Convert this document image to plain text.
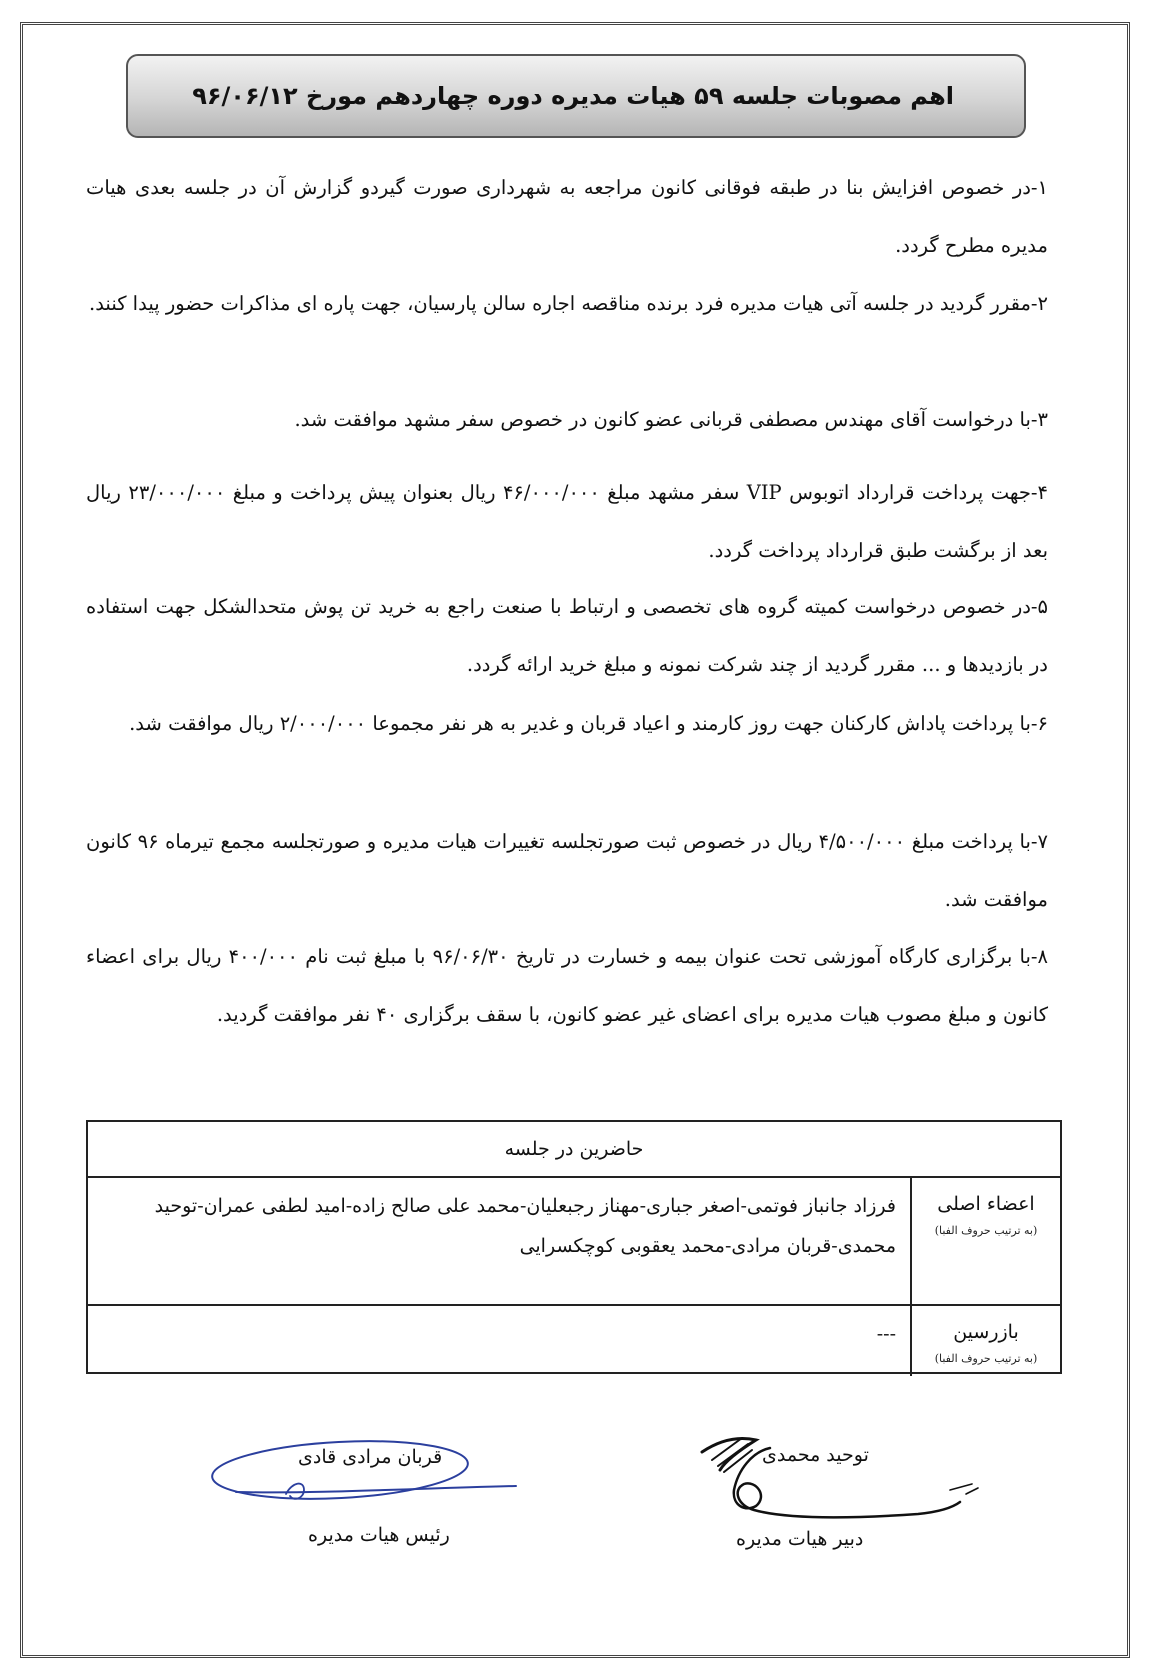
اهم مصوبات جلسه ۵۹ هیات مدیره دوره چهاردهم مورخ ۹۶/۰۶/۱۲
۱-در خصوص افزایش بنا در طبقه فوقانی کانون مراجعه به شهرداری صورت گیردو گزارش آن در جلسه بعدی هیات مدیره مطرح گردد.
۲-مقرر گردید در جلسه آتی هیات مدیره فرد برنده مناقصه اجاره سالن پارسیان، جهت پاره ای مذاکرات حضور پیدا کنند.
۳-با درخواست آقای مهندس مصطفی قربانی عضو کانون در خصوص سفر مشهد موافقت شد.
۴-جهت پرداخت قرارداد اتوبوس VIP سفر مشهد مبلغ ۴۶/۰۰۰/۰۰۰ ریال بعنوان پیش پرداخت و مبلغ ۲۳/۰۰۰/۰۰۰ ریال بعد از برگشت طبق قرارداد پرداخت گردد.
۵-در خصوص درخواست کمیته گروه های تخصصی و ارتباط با صنعت راجع به خرید تن پوش متحدالشکل جهت استفاده در بازدیدها و ... مقرر گردید از چند شرکت نمونه و مبلغ خرید ارائه گردد.
۶-با پرداخت پاداش کارکنان جهت روز کارمند و اعیاد قربان و غدیر به هر نفر مجموعا ۲/۰۰۰/۰۰۰ ریال موافقت شد.
۷-با پرداخت مبلغ ۴/۵۰۰/۰۰۰ ریال در خصوص ثبت صورتجلسه تغییرات هیات مدیره و صورتجلسه مجمع تیرماه ۹۶ کانون موافقت شد.
۸-با برگزاری کارگاه آموزشی تحت عنوان بیمه و خسارت در تاریخ ۹۶/۰۶/۳۰ با مبلغ ثبت نام ۴۰۰/۰۰۰ ریال برای اعضاء کانون و مبلغ مصوب هیات مدیره برای اعضای غیر عضو کانون، با سقف برگزاری ۴۰ نفر موافقت گردید.
حاضرین در جلسه
اعضاء اصلی
(به ترتیب حروف الفبا)
فرزاد جانباز فوتمی-اصغر جباری-مهناز رجبعلیان-محمد علی صالح زاده-امید لطفی عمران-توحید محمدی-قربان مرادی-محمد یعقوبی کوچکسرایی
بازرسین
(به ترتیب حروف الفبا)
---
توحید محمدی
دبیر هیات مدیره
قربان مرادی قادی
رئیس هیات مدیره
